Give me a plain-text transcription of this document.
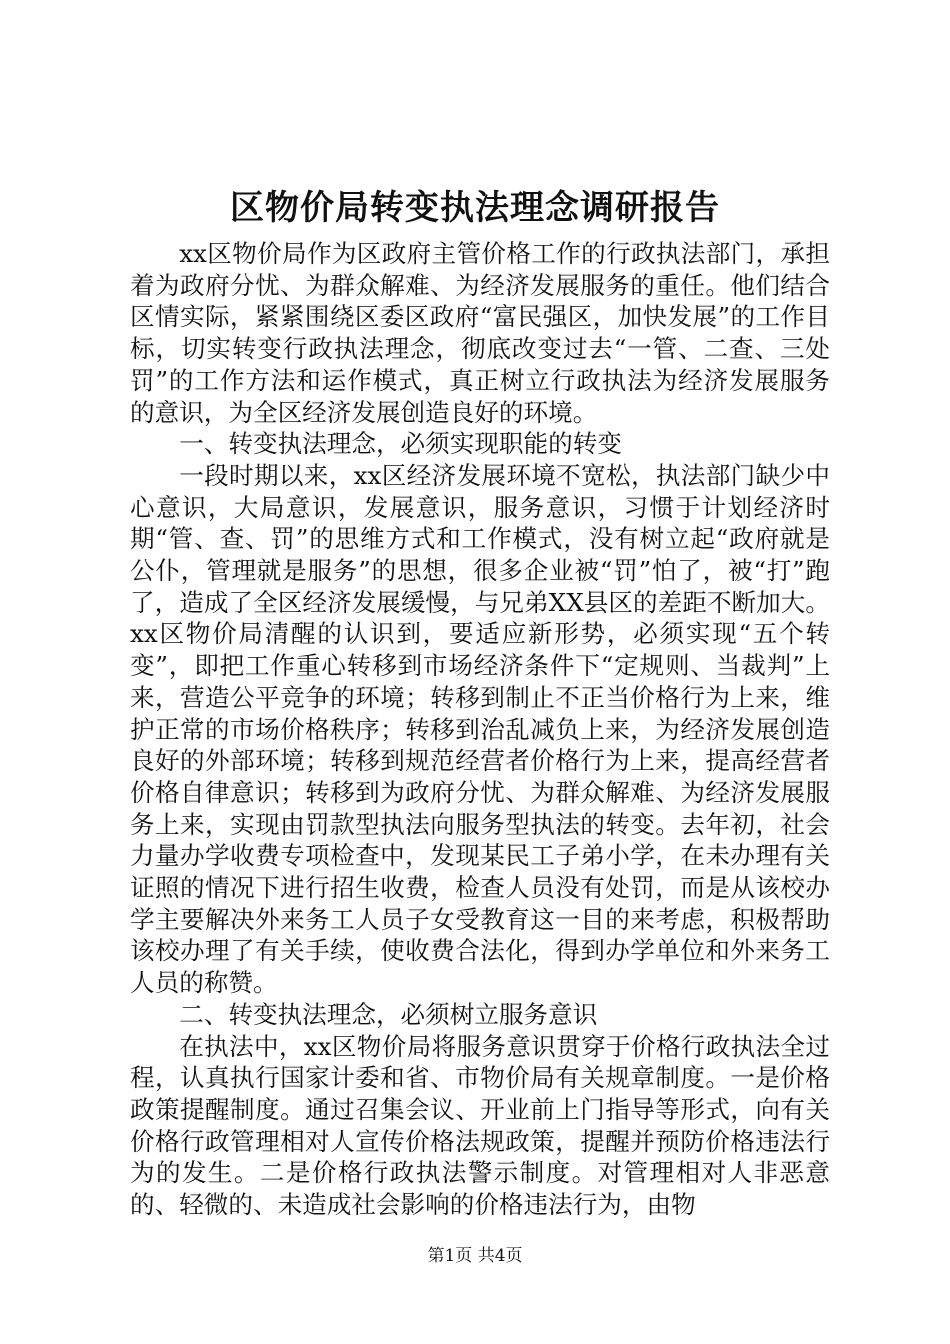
区物价局转变执法理念调研报告

xx区物价局作为区政府主管价格工作的行政执法部门，承担着为政府分忧、为群众解难、为经济发展服务的重任。他们结合区情实际，紧紧围绕区委区政府“富民强区，加快发展”的工作目标，切实转变行政执法理念，彻底改变过去“一管、二查、三处罚”的工作方法和运作模式，真正树立行政执法为经济发展服务的意识，为全区经济发展创造良好的环境。

一、转变执法理念，必须实现职能的转变

一段时期以来，xx区经济发展环境不宽松，执法部门缺少中心意识，大局意识，发展意识，服务意识，习惯于计划经济时期“管、查、罚”的思维方式和工作模式，没有树立起“政府就是公仆，管理就是服务”的思想，很多企业被“罚”怕了，被“打”跑了，造成了全区经济发展缓慢，与兄弟XX县区的差距不断加大。xx区物价局清醒的认识到，要适应新形势，必须实现“五个转变”，即把工作重心转移到市场经济条件下“定规则、当裁判”上来，营造公平竞争的环境；转移到制止不正当价格行为上来，维护正常的市场价格秩序；转移到治乱减负上来，为经济发展创造良好的外部环境；转移到规范经营者价格行为上来，提高经营者价格自律意识；转移到为政府分忧、为群众解难、为经济发展服务上来，实现由罚款型执法向服务型执法的转变。去年初，社会力量办学收费专项检查中，发现某民工子弟小学，在未办理有关证照的情况下进行招生收费，检查人员没有处罚，而是从该校办学主要解决外来务工人员子女受教育这一目的来考虑，积极帮助该校办理了有关手续，使收费合法化，得到办学单位和外来务工人员的称赞。

二、转变执法理念，必须树立服务意识

在执法中，xx区物价局将服务意识贯穿于价格行政执法全过程，认真执行国家计委和省、市物价局有关规章制度。一是价格政策提醒制度。通过召集会议、开业前上门指导等形式，向有关价格行政管理相对人宣传价格法规政策，提醒并预防价格违法行为的发生。二是价格行政执法警示制度。对管理相对人非恶意的、轻微的、未造成社会影响的价格违法行为，由物

第1页 共4页
